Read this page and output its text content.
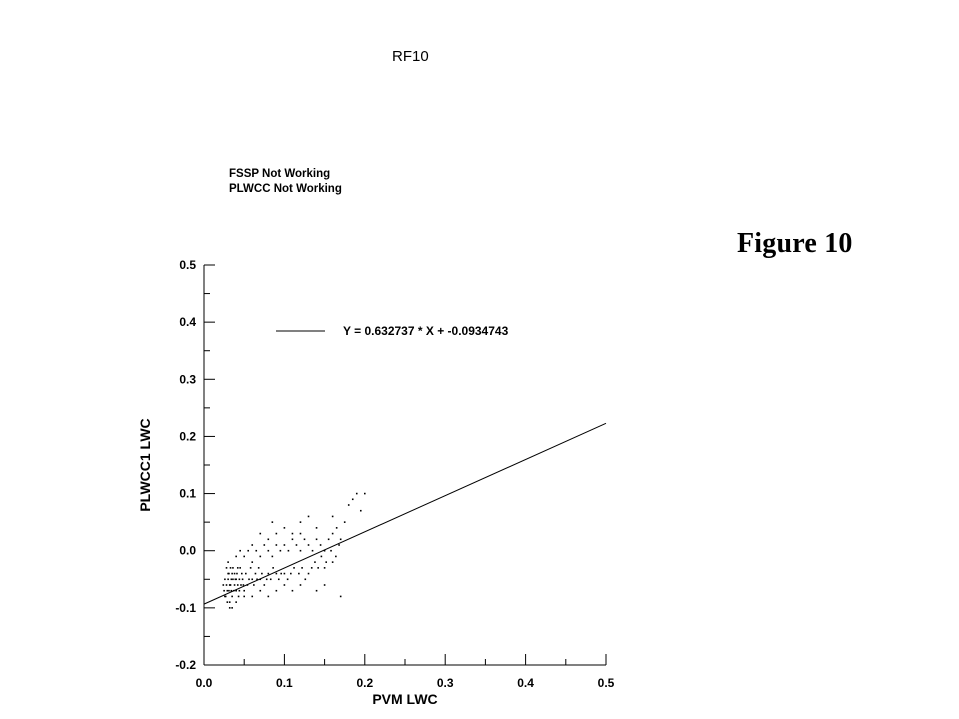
RF10
FSSP Not Working
PLWCC Not Working
Figure 10
-0.2
-0.1
0.0
0.1
0.2
0.3
0.4
0.5
0.0	0.1	0.2	0.3	0.4	0.5
Y = 0.632737 * X + -0.0934743
PVM LWC
PLWCC1 LWC
